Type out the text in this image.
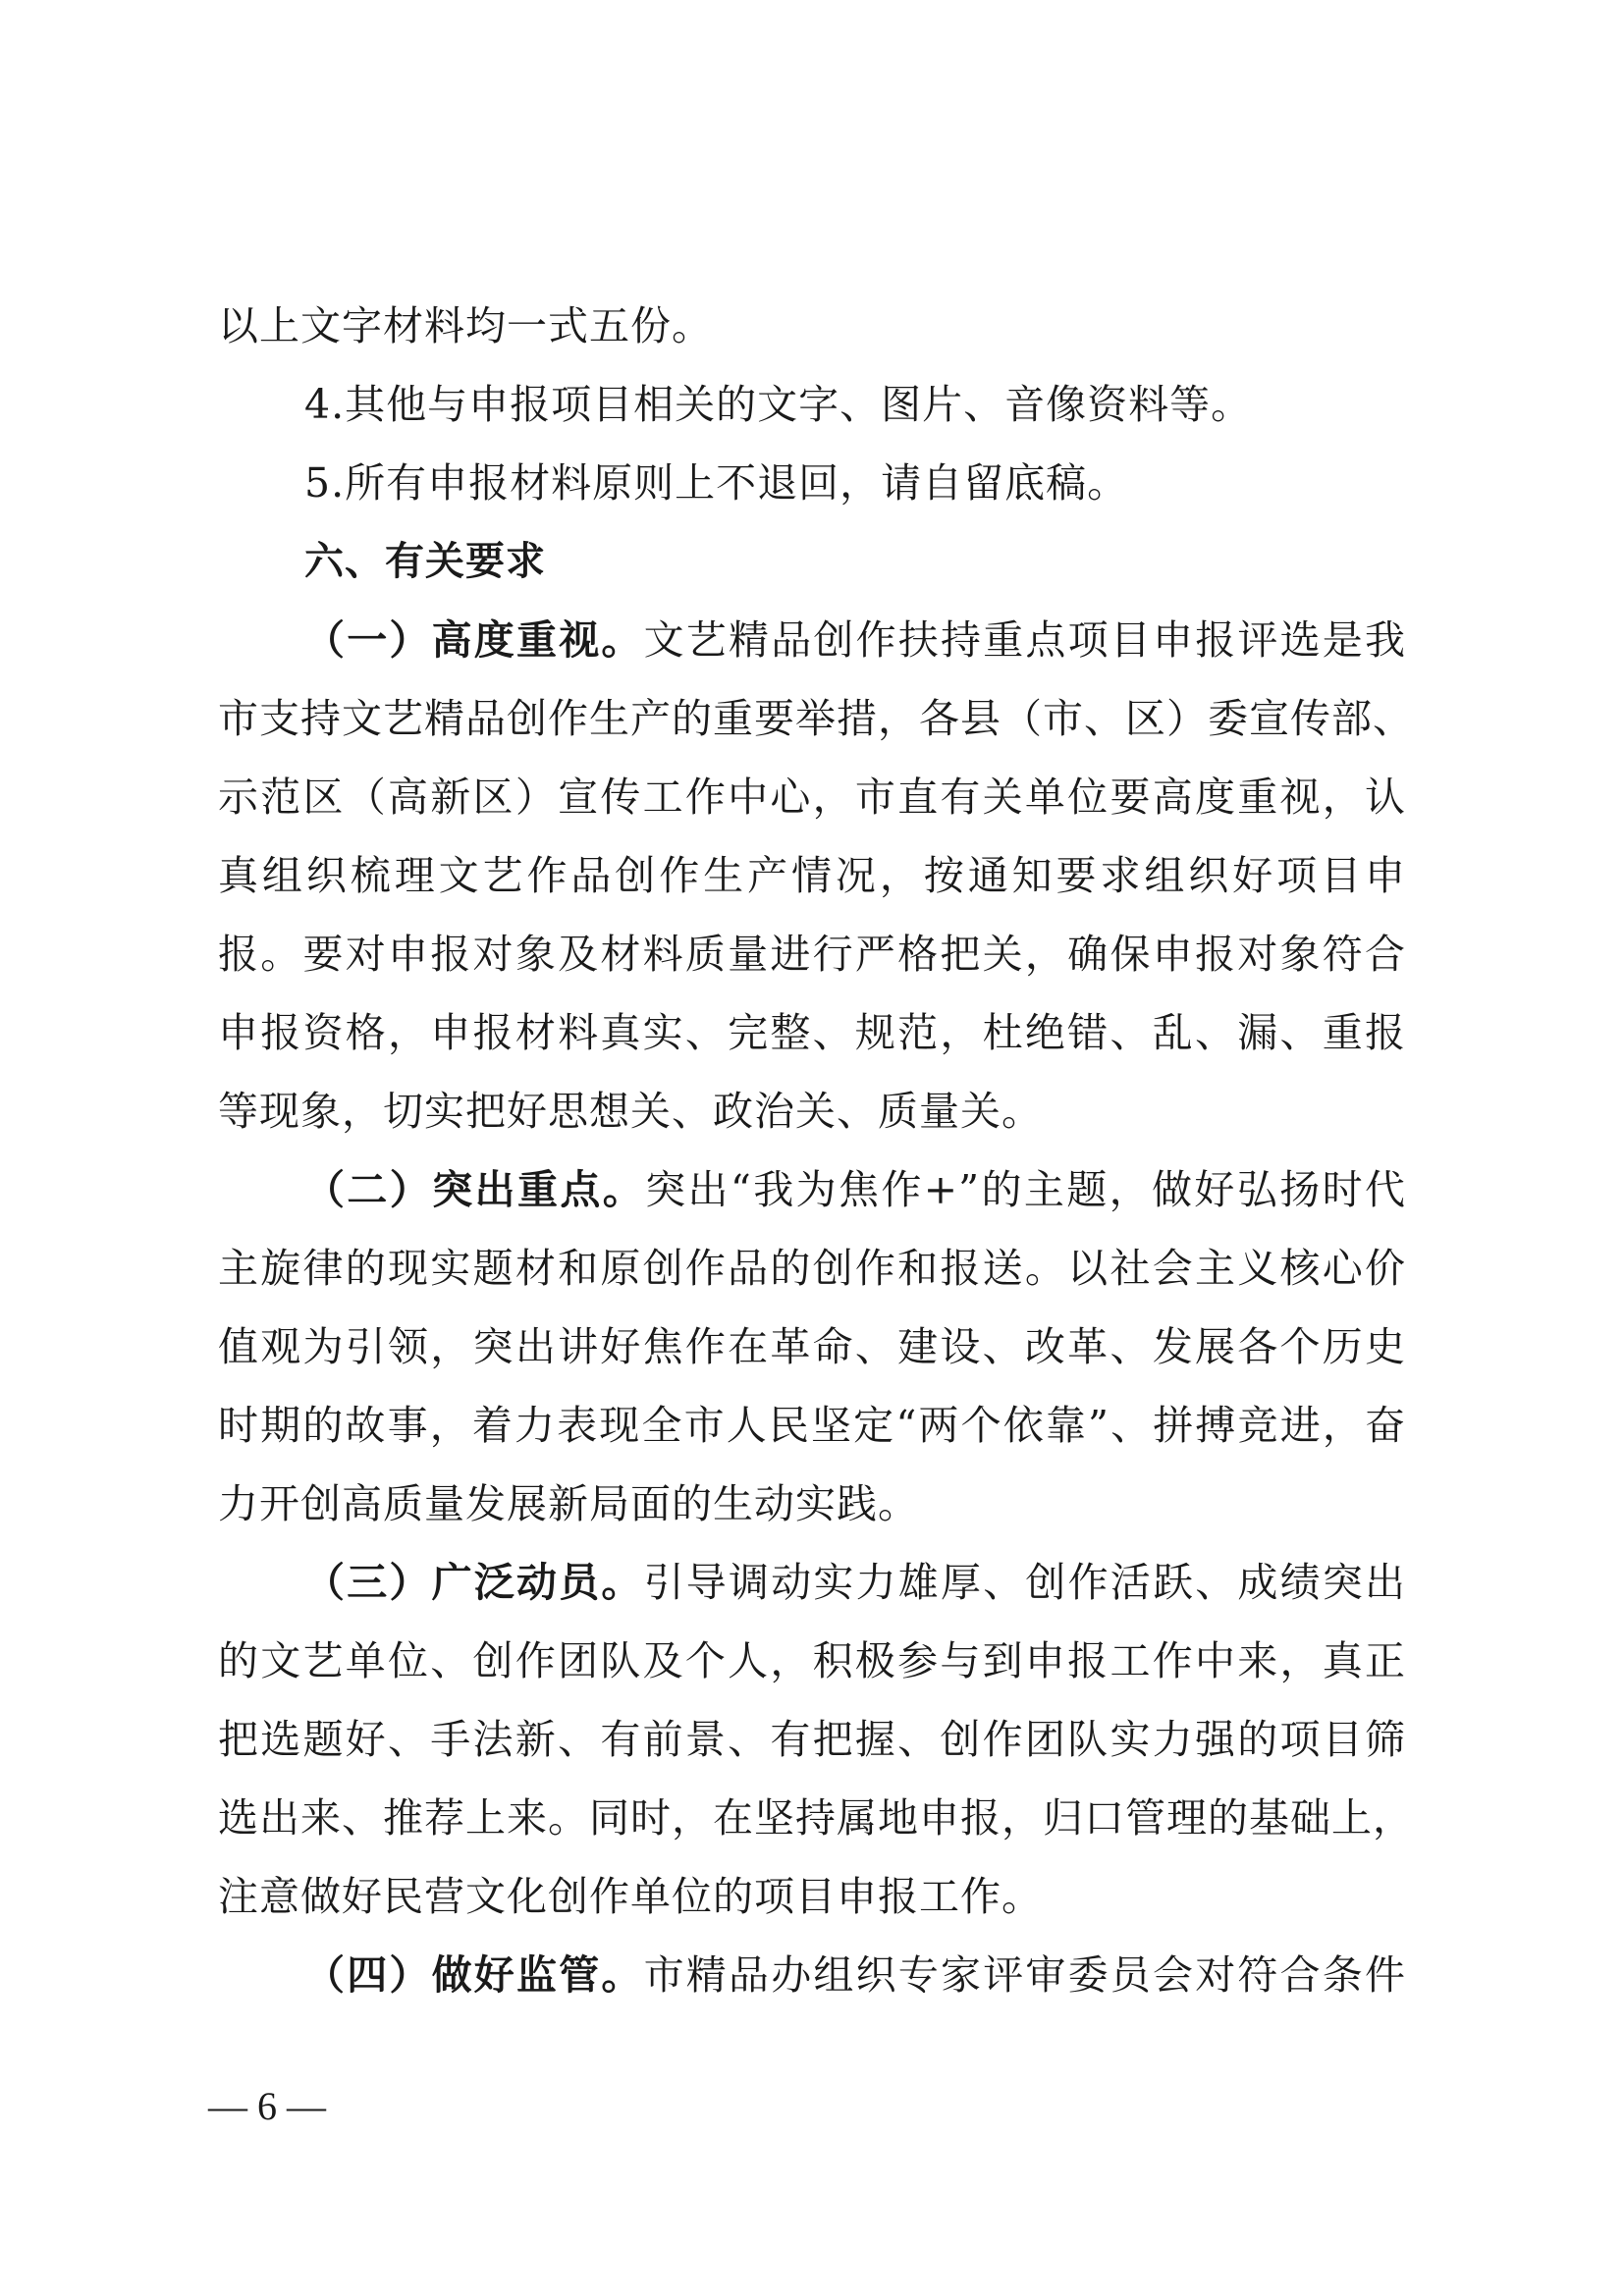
以上文字材料均一式五份。
4.其他与申报项目相关的文字、图片、音像资料等。
5.所有申报材料原则上不退回，请自留底稿。
六、有关要求
（一）高度重视。文艺精品创作扶持重点项目申报评选是我
市支持文艺精品创作生产的重要举措，各县（市、区）委宣传部、
示范区（高新区）宣传工作中心，市直有关单位要高度重视，认
真组织梳理文艺作品创作生产情况，按通知要求组织好项目申
报。要对申报对象及材料质量进行严格把关，确保申报对象符合
申报资格，申报材料真实、完整、规范，杜绝错、乱、漏、重报
等现象，切实把好思想关、政治关、质量关。
（二）突出重点。突出“我为焦作+”的主题，做好弘扬时代
主旋律的现实题材和原创作品的创作和报送。以社会主义核心价
值观为引领，突出讲好焦作在革命、建设、改革、发展各个历史
时期的故事，着力表现全市人民坚定“两个依靠”、拼搏竞进，奋
力开创高质量发展新局面的生动实践。
（三）广泛动员。引导调动实力雄厚、创作活跃、成绩突出
的文艺单位、创作团队及个人，积极参与到申报工作中来，真正
把选题好、手法新、有前景、有把握、创作团队实力强的项目筛
选出来、推荐上来。同时，在坚持属地申报，归口管理的基础上，
注意做好民营文化创作单位的项目申报工作。
（四）做好监管。市精品办组织专家评审委员会对符合条件
— 6 —
